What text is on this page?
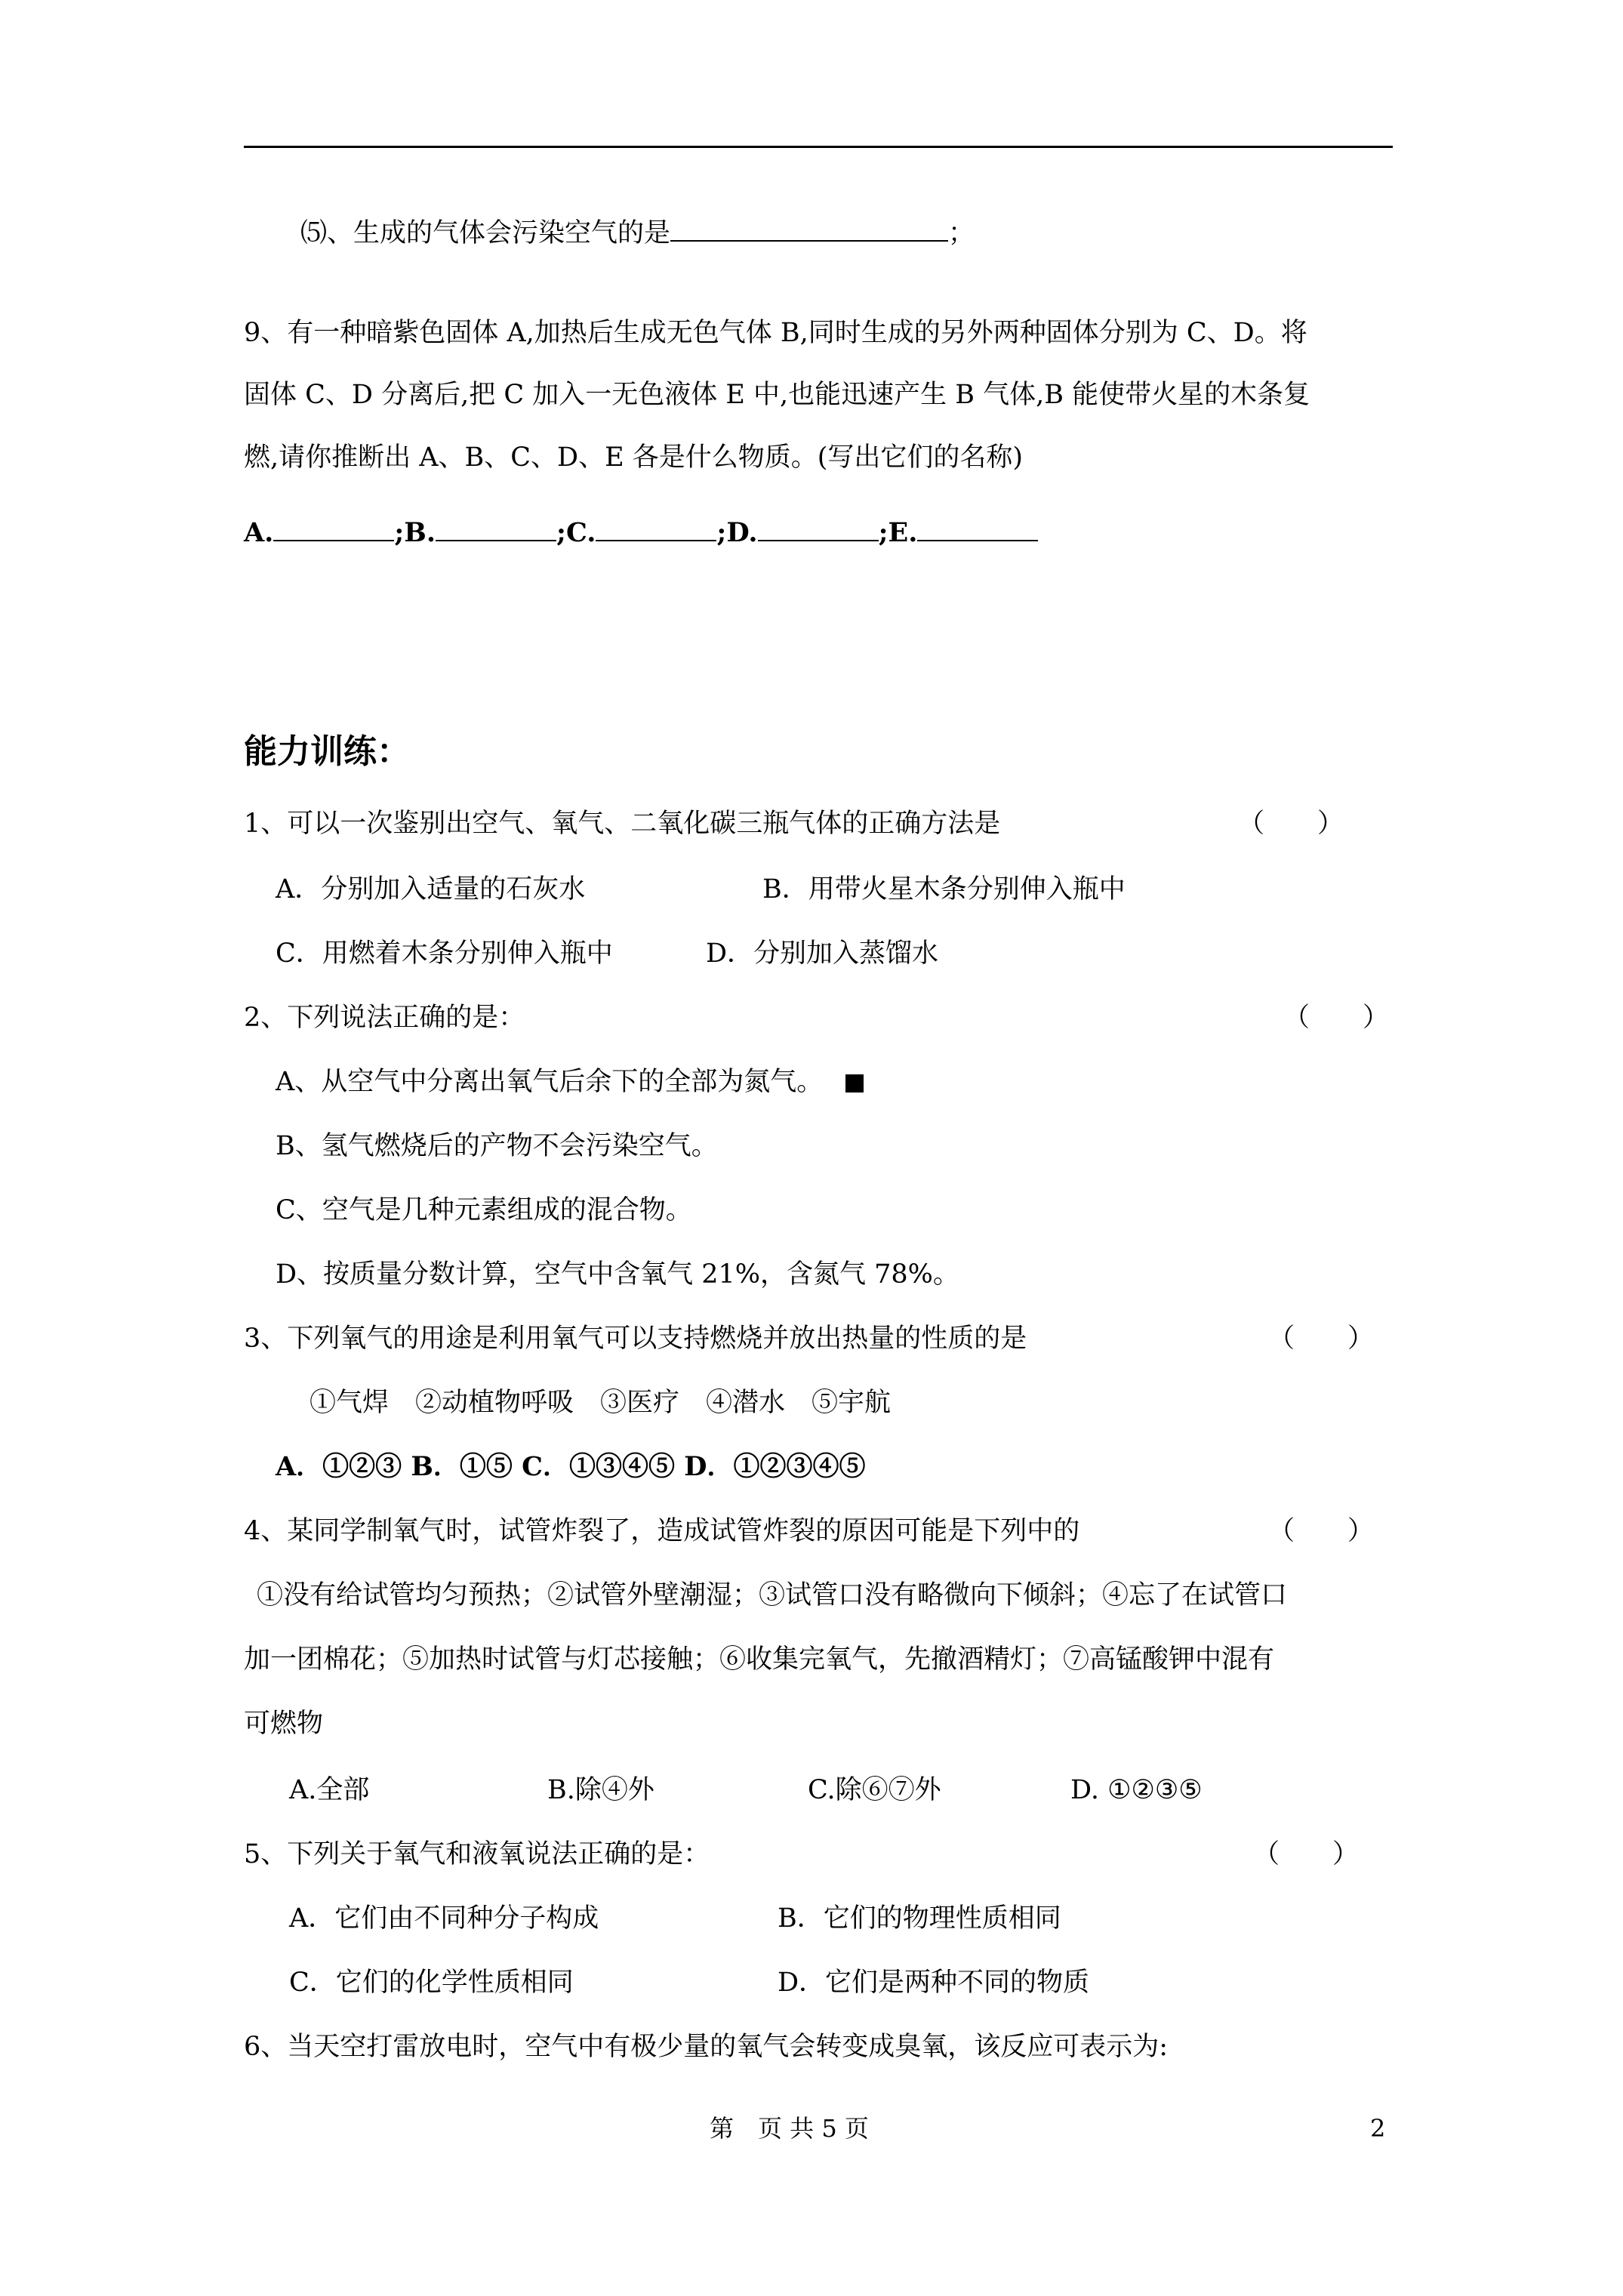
⑸、生成的气体会污染空气的是	；
9、有一种暗紫色固体 A,加热后生成无色气体 B,同时生成的另外两种固体分别为 C、D。将
固体 C、D 分离后,把 C 加入一无色液体 E 中,也能迅速产生 B 气体,B 能使带火星的木条复
燃,请你推断出 A、B、C、D、E 各是什么物质。(写出它们的名称)
A.	;B.	;C.	;D.	;E.
能力训练：
1、可以一次鉴别出空气、氧气、二氧化碳三瓶气体的正确方法是	（　　）
A．分别加入适量的石灰水	B．用带火星木条分别伸入瓶中
C．用燃着木条分别伸入瓶中	D．分别加入蒸馏水
2、下列说法正确的是：	（　　）
A、从空气中分离出氧气后余下的全部为氮气。
B、氢气燃烧后的产物不会污染空气。
C、空气是几种元素组成的混合物。
D、按质量分数计算，空气中含氧气 21%，含氮气 78%。
3、下列氧气的用途是利用氧气可以支持燃烧并放出热量的性质的是	（　　）
①气焊　②动植物呼吸　③医疗　④潜水　⑤宇航
A．①②③ B．①⑤ C．①③④⑤ D．①②③④⑤
4、某同学制氧气时，试管炸裂了，造成试管炸裂的原因可能是下列中的	（　　）
①没有给试管均匀预热；②试管外壁潮湿；③试管口没有略微向下倾斜；④忘了在试管口
加一团棉花；⑤加热时试管与灯芯接触；⑥收集完氧气，先撤酒精灯；⑦高锰酸钾中混有
可燃物
A.全部	B.除④外	C.除⑥⑦外	D. ①②③⑤
5、下列关于氧气和液氧说法正确的是：	（　　）
A．它们由不同种分子构成	B．它们的物理性质相同
C．它们的化学性质相同	D．它们是两种不同的物质
6、当天空打雷放电时，空气中有极少量的氧气会转变成臭氧，该反应可表示为:
第　页 共 5 页	2
